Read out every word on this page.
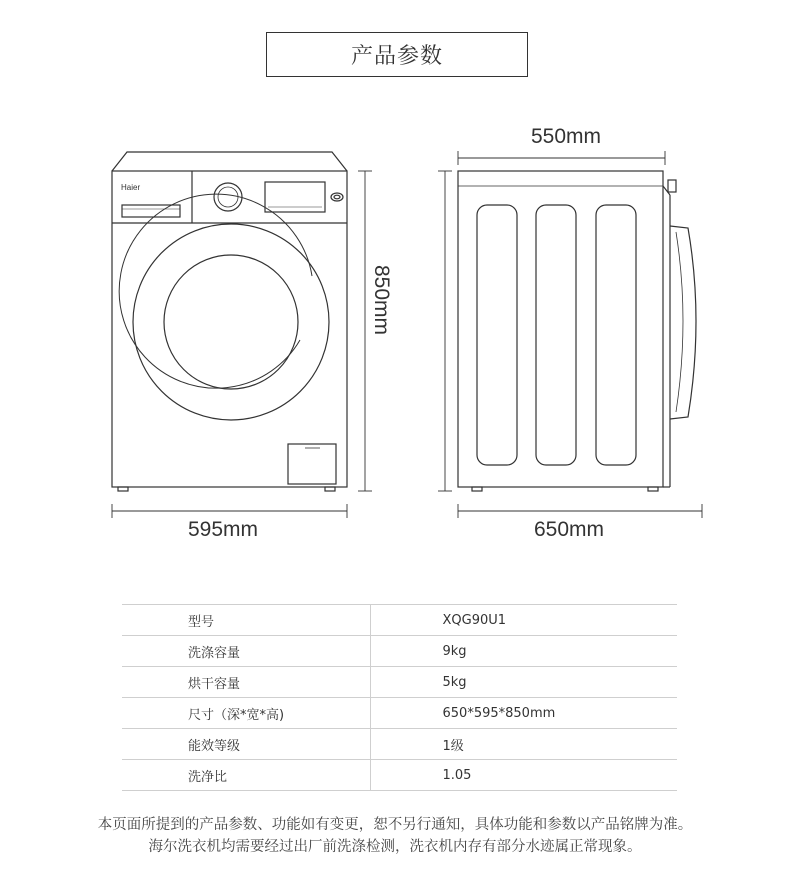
产品参数
Haier
595mm
850mm
550mm
650mm
型号	XQG90U1
洗涤容量	9kg
烘干容量	5kg
尺寸（深*宽*高)	650*595*850mm
能效等级	1级
洗净比	1.05
本页面所提到的产品参数、功能如有变更，恕不另行通知，具体功能和参数以产品铭牌为准。
海尔洗衣机均需要经过出厂前洗涤检测，洗衣机内存有部分水迹属正常现象。
